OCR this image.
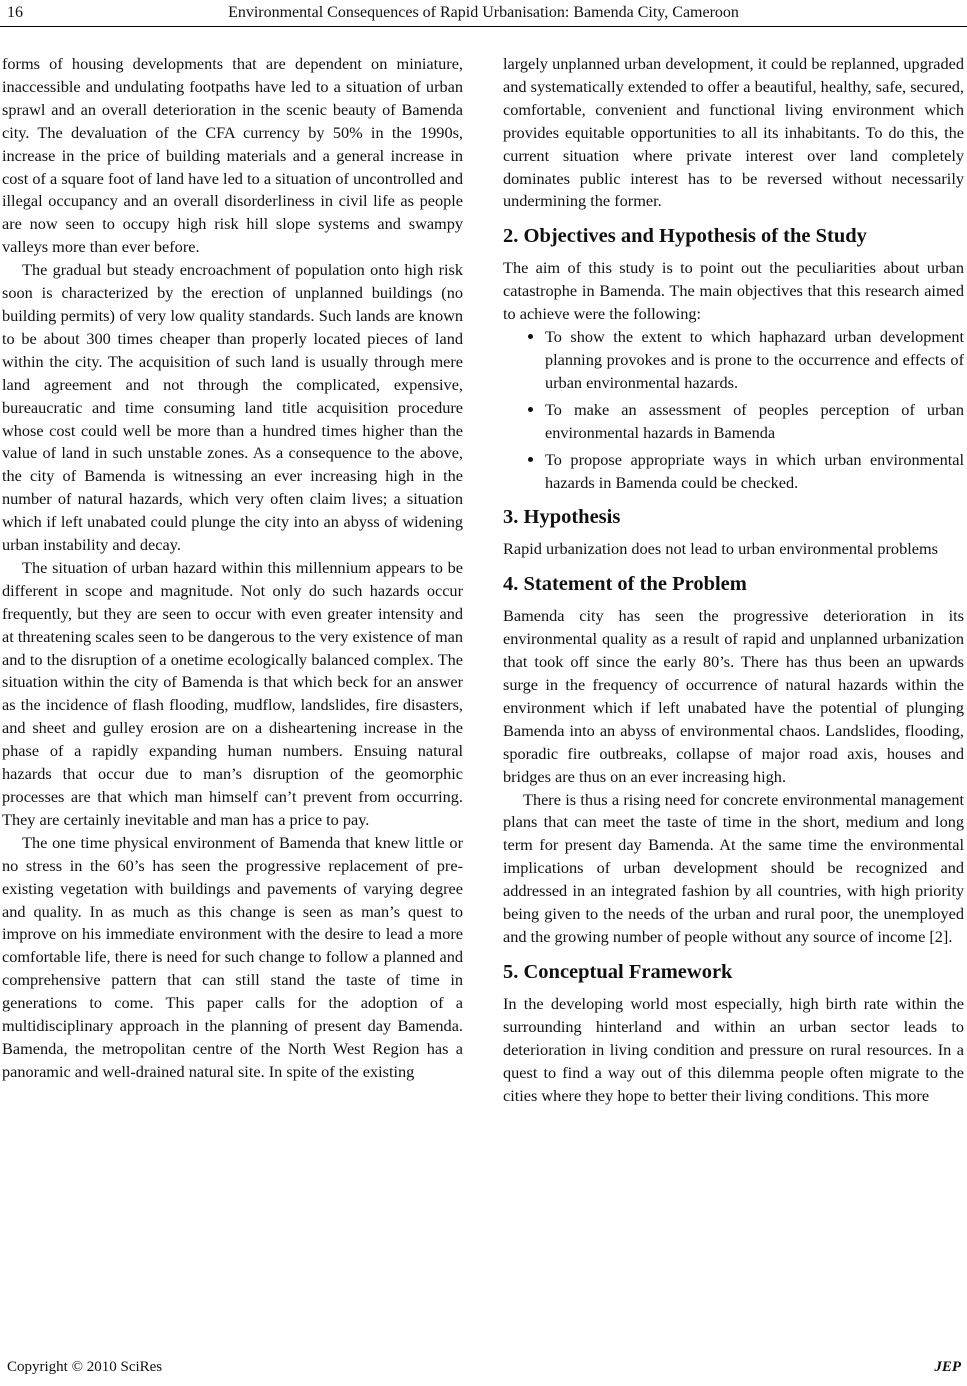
16	Environmental Consequences of Rapid Urbanisation: Bamenda City, Cameroon

forms of housing developments that are dependent on miniature, inaccessible and undulating footpaths have led to a situation of urban sprawl and an overall deterioration in the scenic beauty of Bamenda city. The devaluation of the CFA currency by 50% in the 1990s, increase in the price of building materials and a general increase in cost of a square foot of land have led to a situation of uncontrolled and illegal occupancy and an overall disorderliness in civil life as people are now seen to occupy high risk hill slope systems and swampy valleys more than ever before.

The gradual but steady encroachment of population onto high risk soon is characterized by the erection of unplanned buildings (no building permits) of very low quality standards. Such lands are known to be about 300 times cheaper than properly located pieces of land within the city. The acquisition of such land is usually through mere land agreement and not through the complicated, expensive, bureaucratic and time consuming land title acquisition procedure whose cost could well be more than a hundred times higher than the value of land in such unstable zones. As a consequence to the above, the city of Bamenda is witnessing an ever increasing high in the number of natural hazards, which very often claim lives; a situation which if left unabated could plunge the city into an abyss of widening urban instability and decay.

The situation of urban hazard within this millennium appears to be different in scope and magnitude. Not only do such hazards occur frequently, but they are seen to occur with even greater intensity and at threatening scales seen to be dangerous to the very existence of man and to the disruption of a onetime ecologically balanced complex. The situation within the city of Bamenda is that which beck for an answer as the incidence of flash flooding, mudflow, landslides, fire disasters, and sheet and gulley erosion are on a disheartening increase in the phase of a rapidly expanding human numbers. Ensuing natural hazards that occur due to man’s disruption of the geomorphic processes are that which man himself can’t prevent from occurring. They are certainly inevitable and man has a price to pay.

The one time physical environment of Bamenda that knew little or no stress in the 60’s has seen the progressive replacement of pre-existing vegetation with buildings and pavements of varying degree and quality. In as much as this change is seen as man’s quest to improve on his immediate environment with the desire to lead a more comfortable life, there is need for such change to follow a planned and comprehensive pattern that can still stand the taste of time in generations to come. This paper calls for the adoption of a multidisciplinary approach in the planning of present day Bamenda. Bamenda, the metropolitan centre of the North West Region has a panoramic and well-drained natural site. In spite of the existing

largely unplanned urban development, it could be replanned, upgraded and systematically extended to offer a beautiful, healthy, safe, secured, comfortable, convenient and functional living environment which provides equitable opportunities to all its inhabitants. To do this, the current situation where private interest over land completely dominates public interest has to be reversed without necessarily undermining the former.

2. Objectives and Hypothesis of the Study

The aim of this study is to point out the peculiarities about urban catastrophe in Bamenda. The main objectives that this research aimed to achieve were the following:

• To show the extent to which haphazard urban development planning provokes and is prone to the occurrence and effects of urban environmental hazards.
• To make an assessment of peoples perception of urban environmental hazards in Bamenda
• To propose appropriate ways in which urban environmental hazards in Bamenda could be checked.
3. Hypothesis

Rapid urbanization does not lead to urban environmental problems

4. Statement of the Problem

Bamenda city has seen the progressive deterioration in its environmental quality as a result of rapid and unplanned urbanization that took off since the early 80’s. There has thus been an upwards surge in the frequency of occurrence of natural hazards within the environment which if left unabated have the potential of plunging Bamenda into an abyss of environmental chaos. Landslides, flooding, sporadic fire outbreaks, collapse of major road axis, houses and bridges are thus on an ever increasing high.

There is thus a rising need for concrete environmental management plans that can meet the taste of time in the short, medium and long term for present day Bamenda. At the same time the environmental implications of urban development should be recognized and addressed in an integrated fashion by all countries, with high priority being given to the needs of the urban and rural poor, the unemployed and the growing number of people without any source of income [2].

5. Conceptual Framework

In the developing world most especially, high birth rate within the surrounding hinterland and within an urban sector leads to deterioration in living condition and pressure on rural resources. In a quest to find a way out of this dilemma people often migrate to the cities where they hope to better their living conditions. This more

Copyright © 2010 SciRes	JEP
